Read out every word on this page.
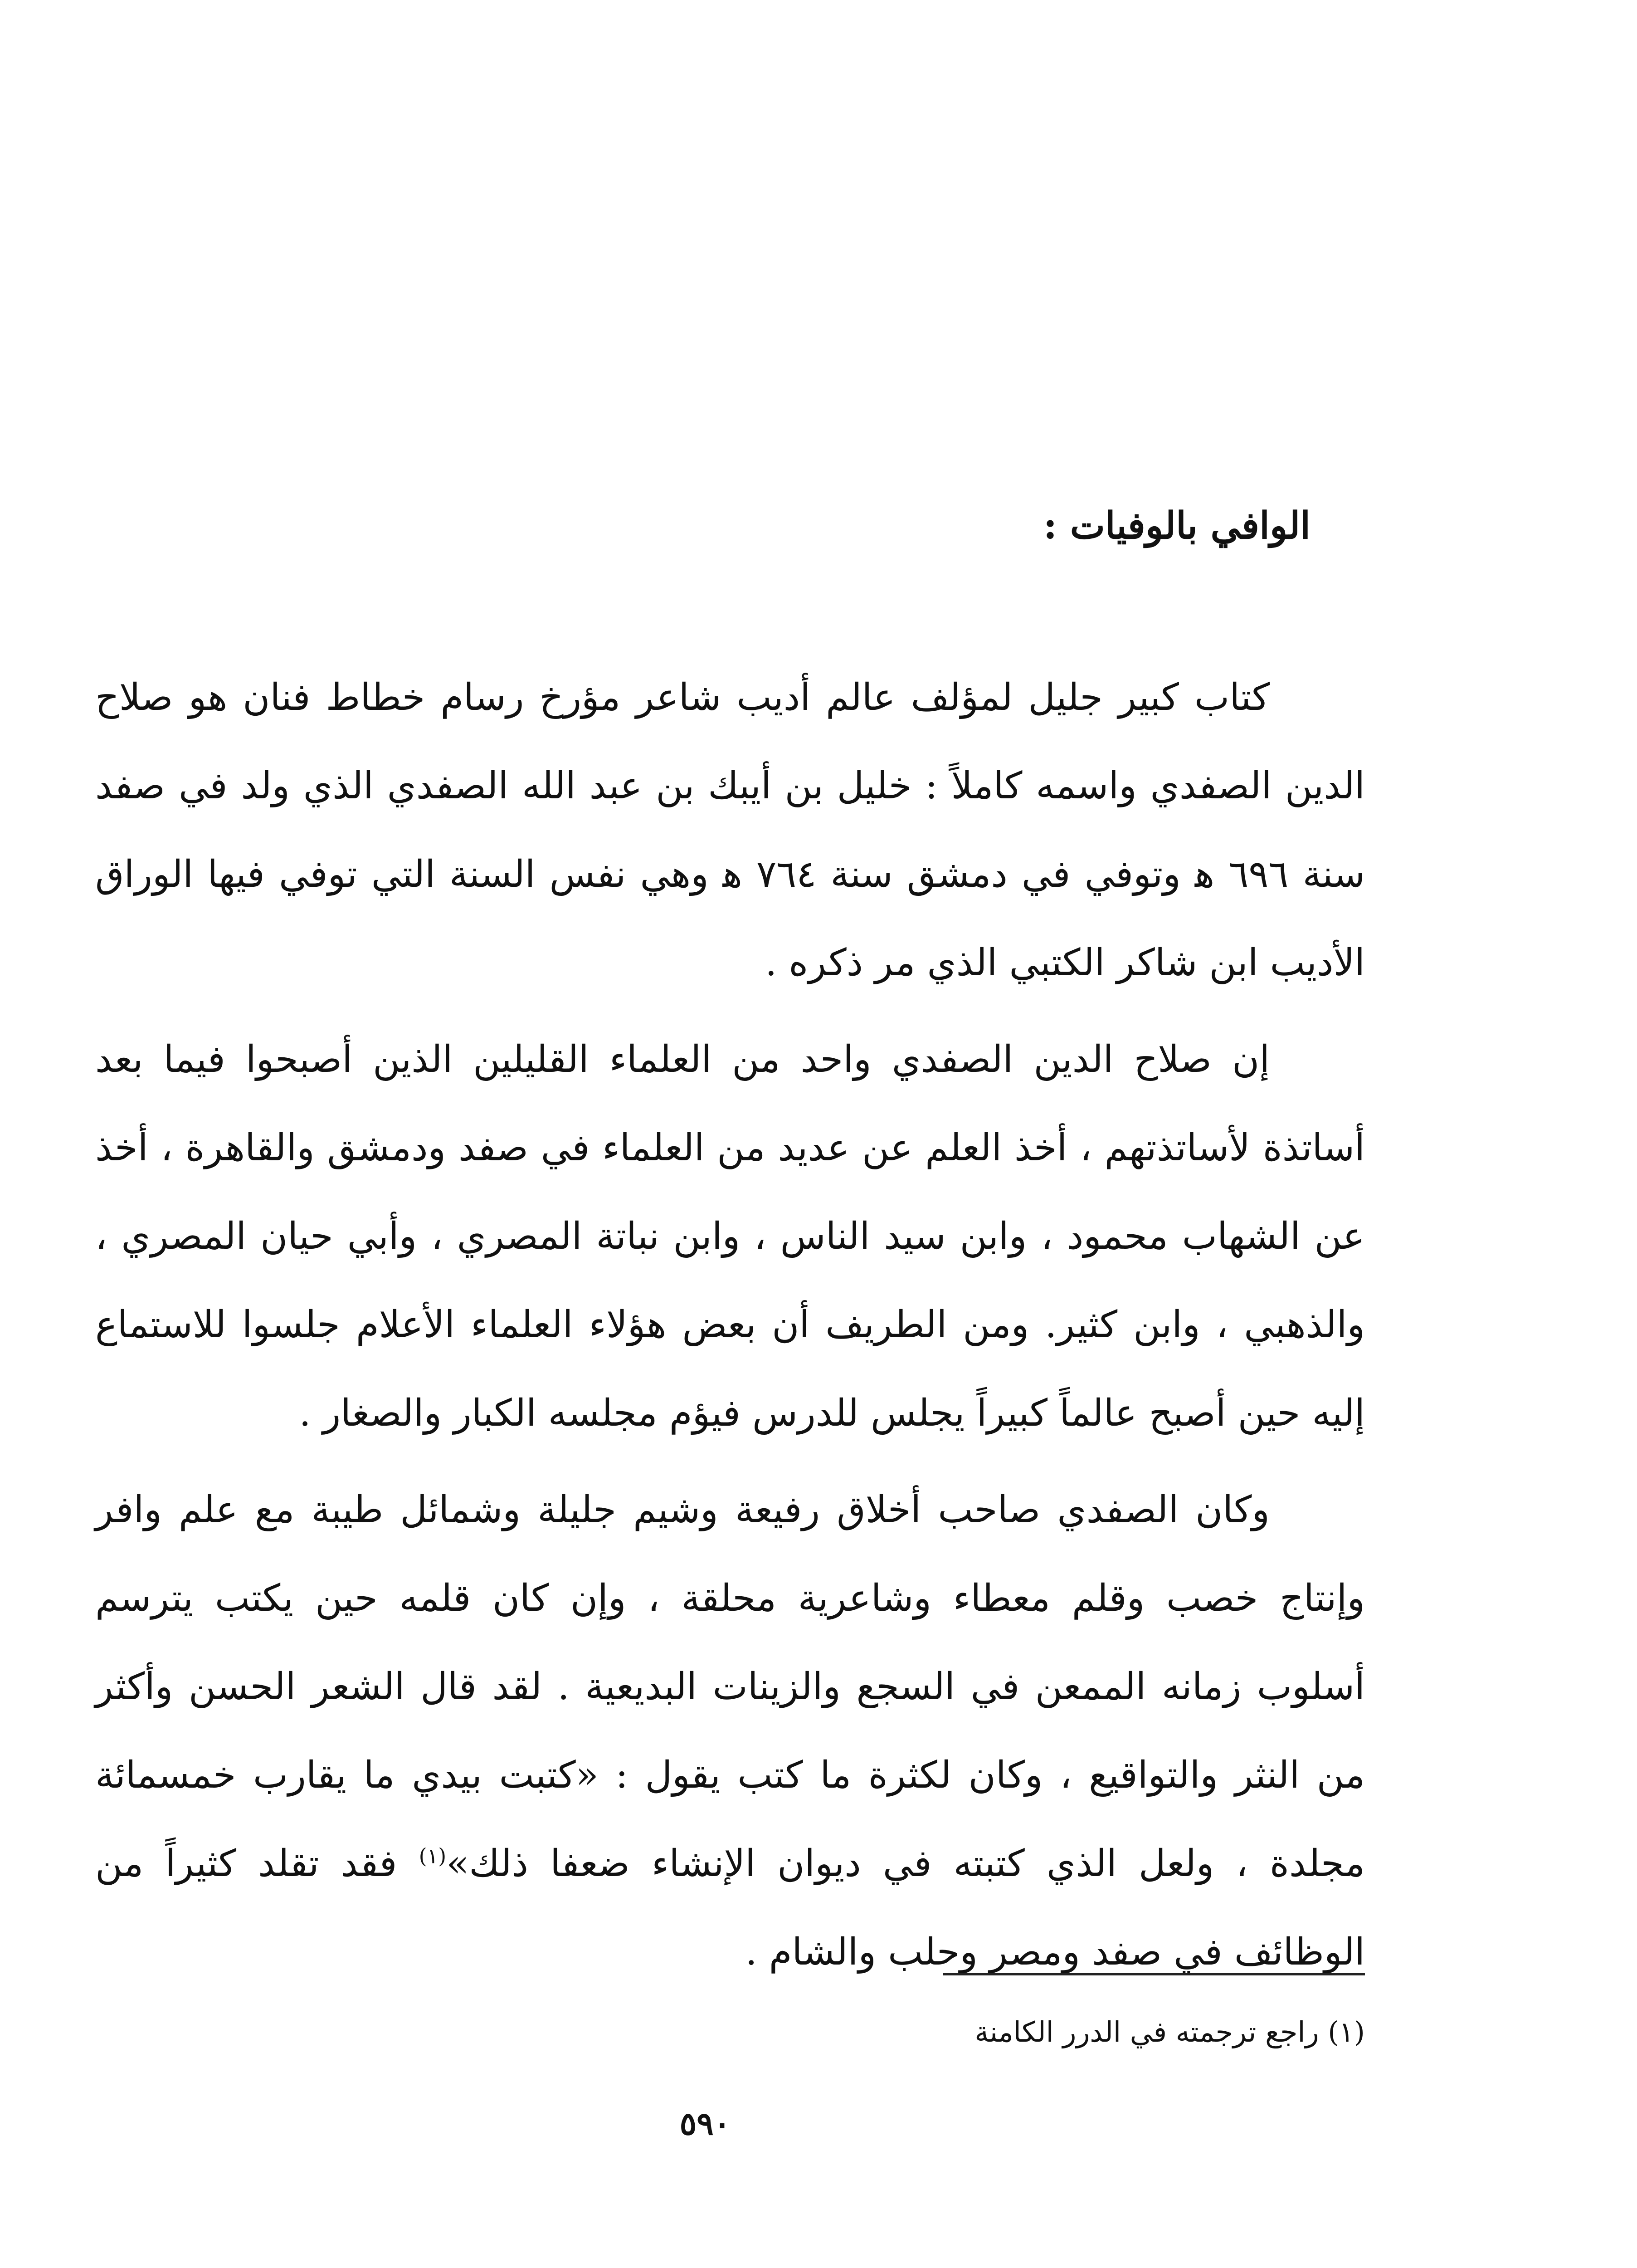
الوافي بالوفيات :

كتاب كبير جليل لمؤلف عالم أديب شاعر مؤرخ رسام خطاط فنان هو صلاح الدين الصفدي واسمه كاملاً : خليل بن أيبك بن عبد الله الصفدي الذي ولد في صفد سنة ٦٩٦ ﻫ وتوفي في دمشق سنة ٧٦٤ ﻫ وهي نفس السنة التي توفي فيها الوراق الأديب ابن شاكر الكتبي الذي مر ذكره .

إن صلاح الدين الصفدي واحد من العلماء القليلين الذين أصبحوا فيما بعد أساتذة لأساتذتهم ، أخذ العلم عن عديد من العلماء في صفد ودمشق والقاهرة ، أخذ عن الشهاب محمود ، وابن سيد الناس ، وابن نباتة المصري ، وأبي حيان المصري ، والذهبي ، وابن كثير. ومن الطريف أن بعض هؤلاء العلماء الأعلام جلسوا للاستماع إليه حين أصبح عالماً كبيراً يجلس للدرس فيؤم مجلسه الكبار والصغار .

وكان الصفدي صاحب أخلاق رفيعة وشيم جليلة وشمائل طيبة مع علم وافر وإنتاج خصب وقلم معطاء وشاعرية محلقة ، وإن كان قلمه حين يكتب يترسم أسلوب زمانه الممعن في السجع والزينات البديعية . لقد قال الشعر الحسن وأكثر من النثر والتواقيع ، وكان لكثرة ما كتب يقول : «كتبت بيدي ما يقارب خمسمائة مجلدة ، ولعل الذي كتبته في ديوان الإنشاء ضعفا ذلك»$^{(١)}$ فقد تقلد كثيراً من الوظائف في صفد ومصر وحلب والشام .

(١) راجع ترجمته في الدرر الكامنة
٥٩٠
